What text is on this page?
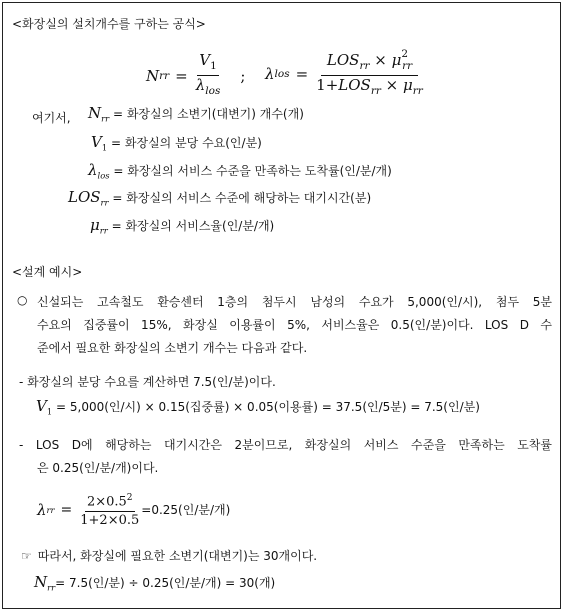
<화장실의 설치개수를 구하는 공식>
N rr = $\frac{V_1}{\lambda_{los}}$ ; λ los = $\frac{LOS_{rr} \times \mu^2_{rr}}{1+LOS_{rr} \times \mu_{rr}}$
여기서, $N_{rr}$ = 화장실의 소변기(대변기) 개수(개)
$V_1$ = 화장실의 분당 수요(인/분)
$\lambda_{los}$ = 화장실의 서비스 수준을 만족하는 도착률(인/분/개)
$LOS_{rr}$ = 화장실의 서비스 수준에 해당하는 대기시간(분)
$\mu_{rr}$ = 화장실의 서비스율(인/분/개)
<설계 예시>
○ 신설되는 고속철도 환승센터 1층의 첨두시 남성의 수요가 5,000(인/시), 첨두 5분
수요의 집중률이 15%, 화장실 이용률이 5%, 서비스율은 0.5(인/분)이다. LOS D 수
준에서 필요한 화장실의 소변기 개수는 다음과 같다.
- 화장실의 분당 수요를 계산하면 7.5(인/분)이다.
$V_1 = 5,000$(인/시) × 0.15(집중률) × 0.05(이용률) = 37.5(인/5분) = 7.5(인/분)
- LOS D에 해당하는 대기시간은 2분이므로, 화장실의 서비스 수준을 만족하는 도착률
은 0.25(인/분/개)이다.
λ rr = $\frac{2\times 0.5^2}{1+2\times 0.5} =0.25$(인/분/개)
☞ 따라서, 화장실에 필요한 소변기(대변기)는 30개이다.
$N_{rr}= 7.5$(인/분) ÷ 0.25(인/분/개) = 30(개)
